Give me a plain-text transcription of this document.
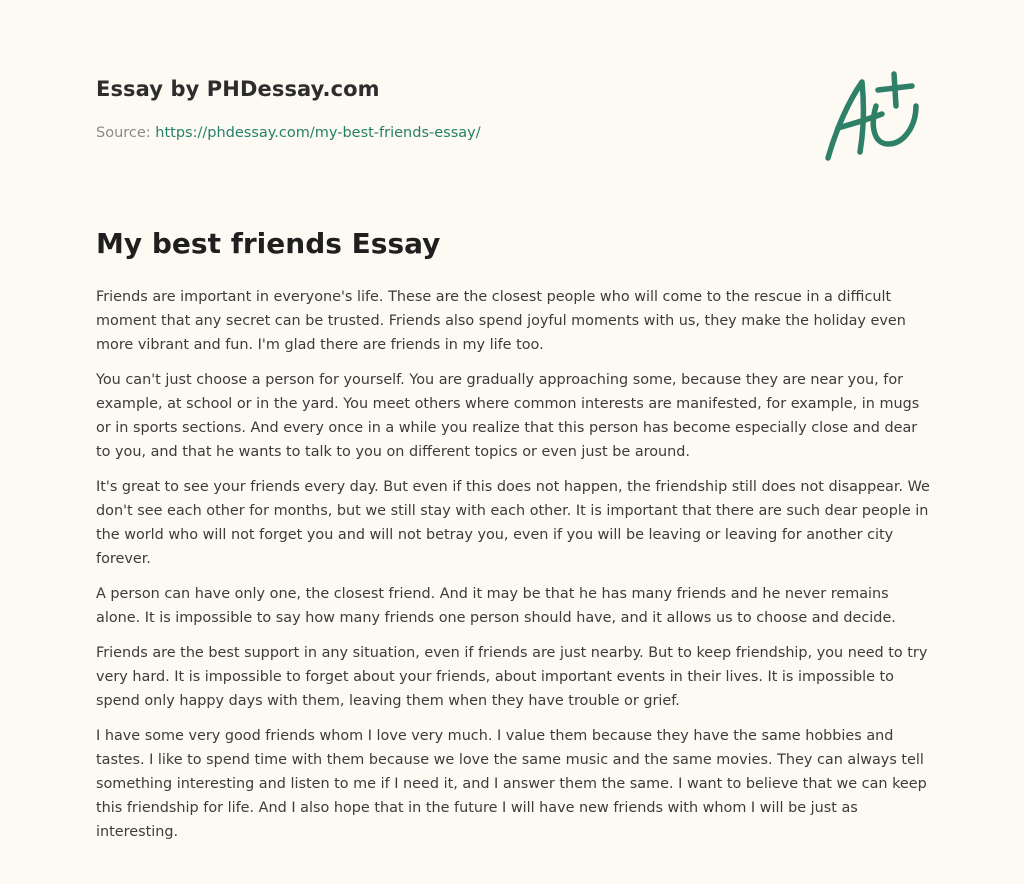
Essay by PHDessay.com
Source: https://phdessay.com/my-best-friends-essay/
My best friends Essay

Friends are important in everyone's life. These are the closest people who will come to the rescue in a difficult moment that any secret can be trusted. Friends also spend joyful moments with us, they make the holiday even more vibrant and fun. I'm glad there are friends in my life too.

You can't just choose a person for yourself. You are gradually approaching some, because they are near you, for example, at school or in the yard. You meet others where common interests are manifested, for example, in mugs or in sports sections. And every once in a while you realize that this person has become especially close and dear to you, and that he wants to talk to you on different topics or even just be around.

It's great to see your friends every day. But even if this does not happen, the friendship still does not disappear. We don't see each other for months, but we still stay with each other. It is important that there are such dear people in the world who will not forget you and will not betray you, even if you will be leaving or leaving for another city forever.

A person can have only one, the closest friend. And it may be that he has many friends and he never remains alone. It is impossible to say how many friends one person should have, and it allows us to choose and decide.

Friends are the best support in any situation, even if friends are just nearby. But to keep friendship, you need to try very hard. It is impossible to forget about your friends, about important events in their lives. It is impossible to spend only happy days with them, leaving them when they have trouble or grief.

I have some very good friends whom I love very much. I value them because they have the same hobbies and tastes. I like to spend time with them because we love the same music and the same movies. They can always tell something interesting and listen to me if I need it, and I answer them the same. I want to believe that we can keep this friendship for life. And I also hope that in the future I will have new friends with whom I will be just as interesting.
